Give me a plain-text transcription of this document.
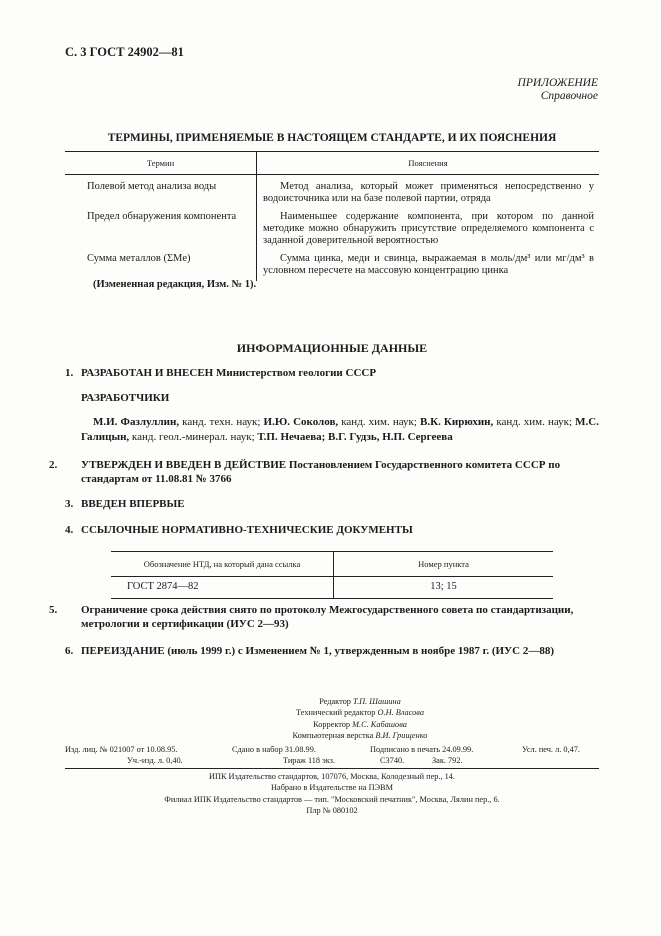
С. 3 ГОСТ 24902—81
ПРИЛОЖЕНИЕ
Справочное
ТЕРМИНЫ, ПРИМЕНЯЕМЫЕ В НАСТОЯЩЕМ СТАНДАРТЕ, И ИХ ПОЯСНЕНИЯ
Термин	Пояснения
Полевой метод анализа воды	Метод анализа, который может применяться непосредственно у водоисточника или на базе полевой партии, отряда
Предел обнаружения компонента	Наименьшее содержание компонента, при котором по данной методике можно обнаружить присутствие определяемого компонента с заданной доверительной вероятностью
Сумма металлов (ΣMe)	Сумма цинка, меди и свинца, выражаемая в моль/дм³ или мг/дм³ в условном пересчете на массовую концентрацию цинка
(Измененная редакция, Изм. № 1).
ИНФОРМАЦИОННЫЕ ДАННЫЕ
1. РАЗРАБОТАН И ВНЕСЕН Министерством геологии СССР
РАЗРАБОТЧИКИ
М.И. Фазлуллин, канд. техн. наук; И.Ю. Соколов, канд. хим. наук; В.К. Кирюхин, канд. хим. наук; М.С. Галицын, канд. геол.-минерал. наук; Т.П. Нечаева; В.Г. Гудзь, Н.П. Сергеева
2. УТВЕРЖДЕН И ВВЕДЕН В ДЕЙСТВИЕ Постановлением Государственного комитета СССР по стандартам от 11.08.81 № 3766
3. ВВЕДЕН ВПЕРВЫЕ
4. ССЫЛОЧНЫЕ НОРМАТИВНО-ТЕХНИЧЕСКИЕ ДОКУМЕНТЫ
Обозначение НТД, на который дана ссылка	Номер пункта
ГОСТ 2874—82	13; 15
5. Ограничение срока действия снято по протоколу Межгосударственного совета по стандартизации, метрологии и сертификации (ИУС 2—93)
6. ПЕРЕИЗДАНИЕ (июль 1999 г.) с Изменением № 1, утвержденным в ноябре 1987 г. (ИУС 2—88)
Редактор Т.П. Шашина
Технический редактор О.Н. Власова
Корректор М.С. Кабашова
Компьютерная верстка В.И. Грищенко
Изд. лиц. № 021007 от 10.08.95.	Сдано в набор 31.08.99.	Подписано в печать 24.09.99.	Усл. печ. л. 0,47.
Уч.-изд. л. 0,40.	Тираж 118 экз.	С3740.	Зак. 792.
ИПК Издательство стандартов, 107076, Москва, Колодезный пер., 14.
Набрано в Издательстве на ПЭВМ
Филиал ИПК Издательство стандартов — тип. "Московский печатник", Москва, Лялин пер., 6.
Плр № 080102
